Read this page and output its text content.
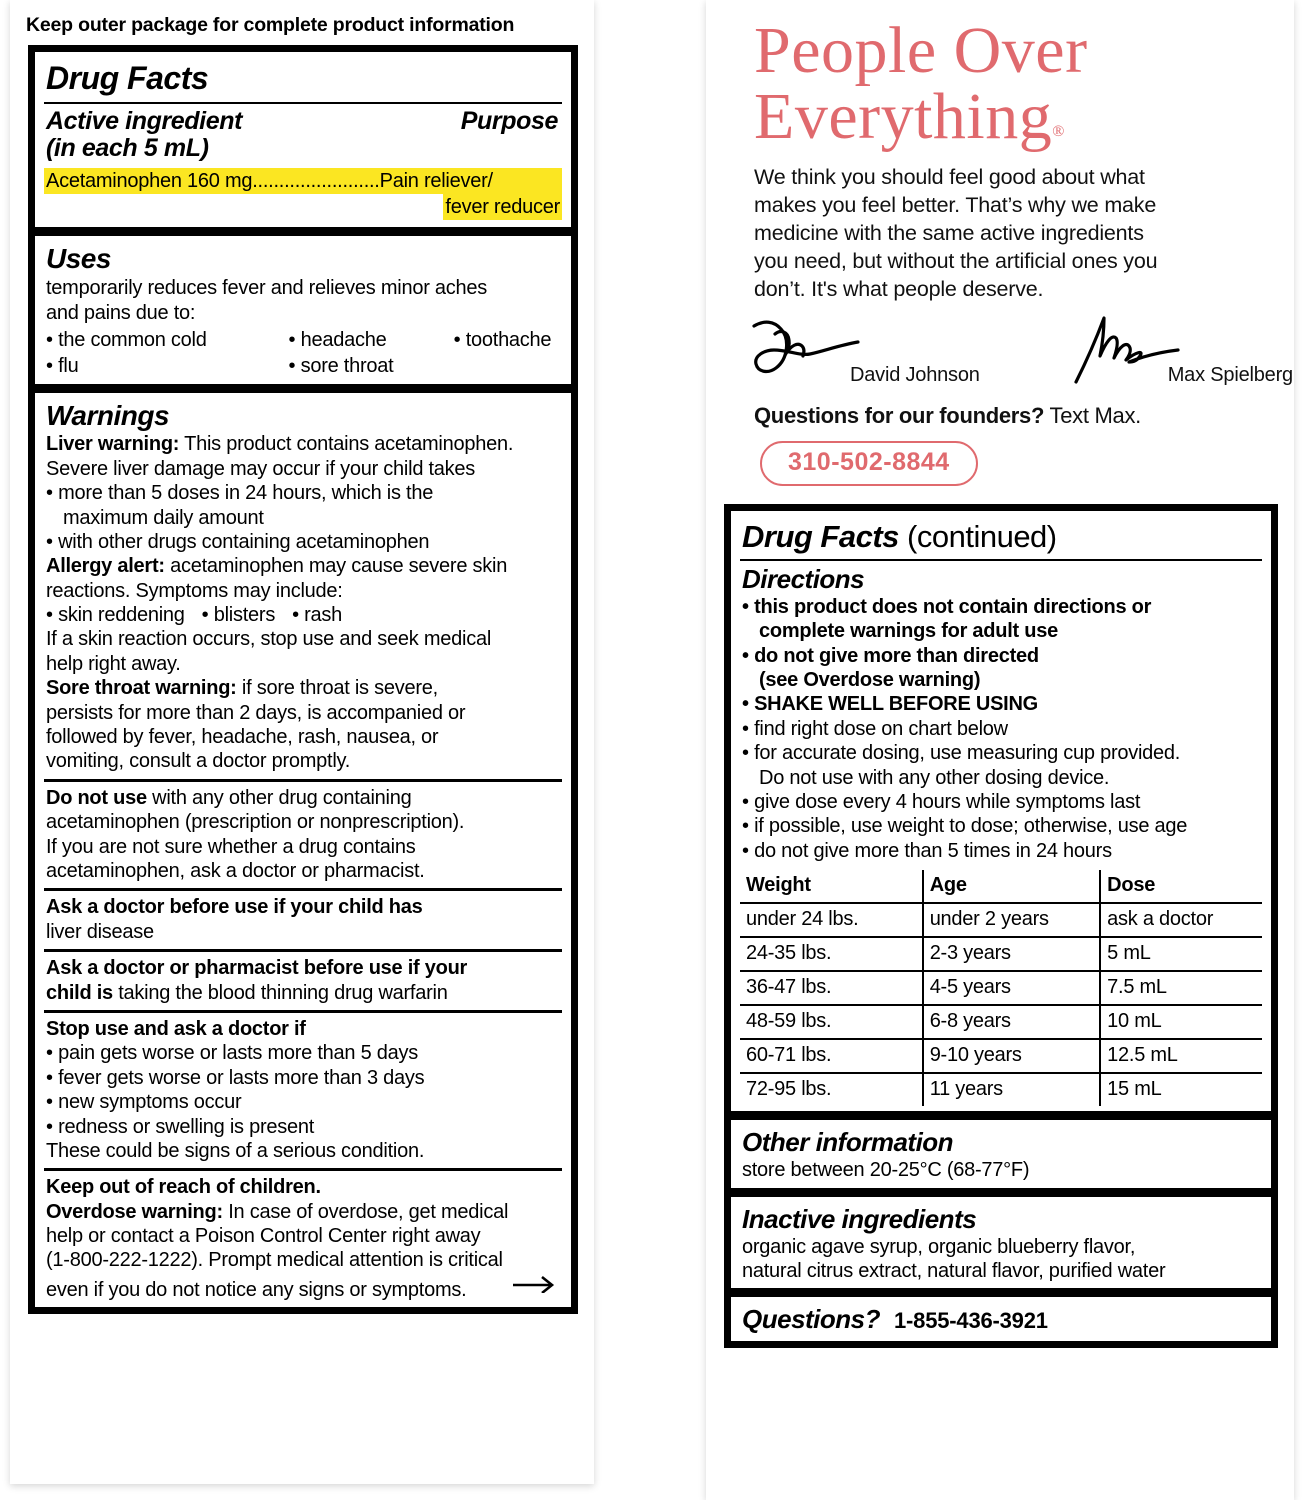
Keep outer package for complete product information
Drug Facts
Active ingredient
(in each 5 mL)
Purpose
Acetaminophen 160 mg........................Pain reliever/
fever reducer
Uses
temporarily reduces fever and relieves minor aches
and pains due to:
• the common cold	• headache	• toothache
• flu	• sore throat
Warnings
Liver warning: This product contains acetaminophen.
Severe liver damage may occur if your child takes
• more than 5 doses in 24 hours, which is the
maximum daily amount
• with other drugs containing acetaminophen
Allergy alert: acetaminophen may cause severe skin
reactions. Symptoms may include:
• skin reddening • blisters • rash
If a skin reaction occurs, stop use and seek medical
help right away.
Sore throat warning: if sore throat is severe,
persists for more than 2 days, is accompanied or
followed by fever, headache, rash, nausea, or
vomiting, consult a doctor promptly.
Do not use with any other drug containing
acetaminophen (prescription or nonprescription).
If you are not sure whether a drug contains
acetaminophen, ask a doctor or pharmacist.
Ask a doctor before use if your child has
liver disease
Ask a doctor or pharmacist before use if your
child is taking the blood thinning drug warfarin
Stop use and ask a doctor if
• pain gets worse or lasts more than 5 days
• fever gets worse or lasts more than 3 days
• new symptoms occur
• redness or swelling is present
These could be signs of a serious condition.
Keep out of reach of children.
Overdose warning: In case of overdose, get medical
help or contact a Poison Control Center right away
(1-800-222-1222). Prompt medical attention is critical
even if you do not notice any signs or symptoms.
People Over
Everything®
We think you should feel good about what
makes you feel better. That’s why we make
medicine with the same active ingredients
you need, but without the artificial ones you
don’t. It's what people deserve.
David Johnson	Max Spielberg
Questions for our founders? Text Max.
310-502-8844
Drug Facts (continued)
Directions
• this product does not contain directions or
complete warnings for adult use
• do not give more than directed
(see Overdose warning)
• SHAKE WELL BEFORE USING
• find right dose on chart below
• for accurate dosing, use measuring cup provided.
Do not use with any other dosing device.
• give dose every 4 hours while symptoms last
• if possible, use weight to dose; otherwise, use age
• do not give more than 5 times in 24 hours
Weight	Age	Dose
under 24 lbs.	under 2 years	ask a doctor
24-35 lbs.	2-3 years	5 mL
36-47 lbs.	4-5 years	7.5 mL
48-59 lbs.	6-8 years	10 mL
60-71 lbs.	9-10 years	12.5 mL
72-95 lbs.	11 years	15 mL
Other information
store between 20-25°C (68-77°F)
Inactive ingredients
organic agave syrup, organic blueberry flavor,
natural citrus extract, natural flavor, purified water
Questions? 1-855-436-3921
